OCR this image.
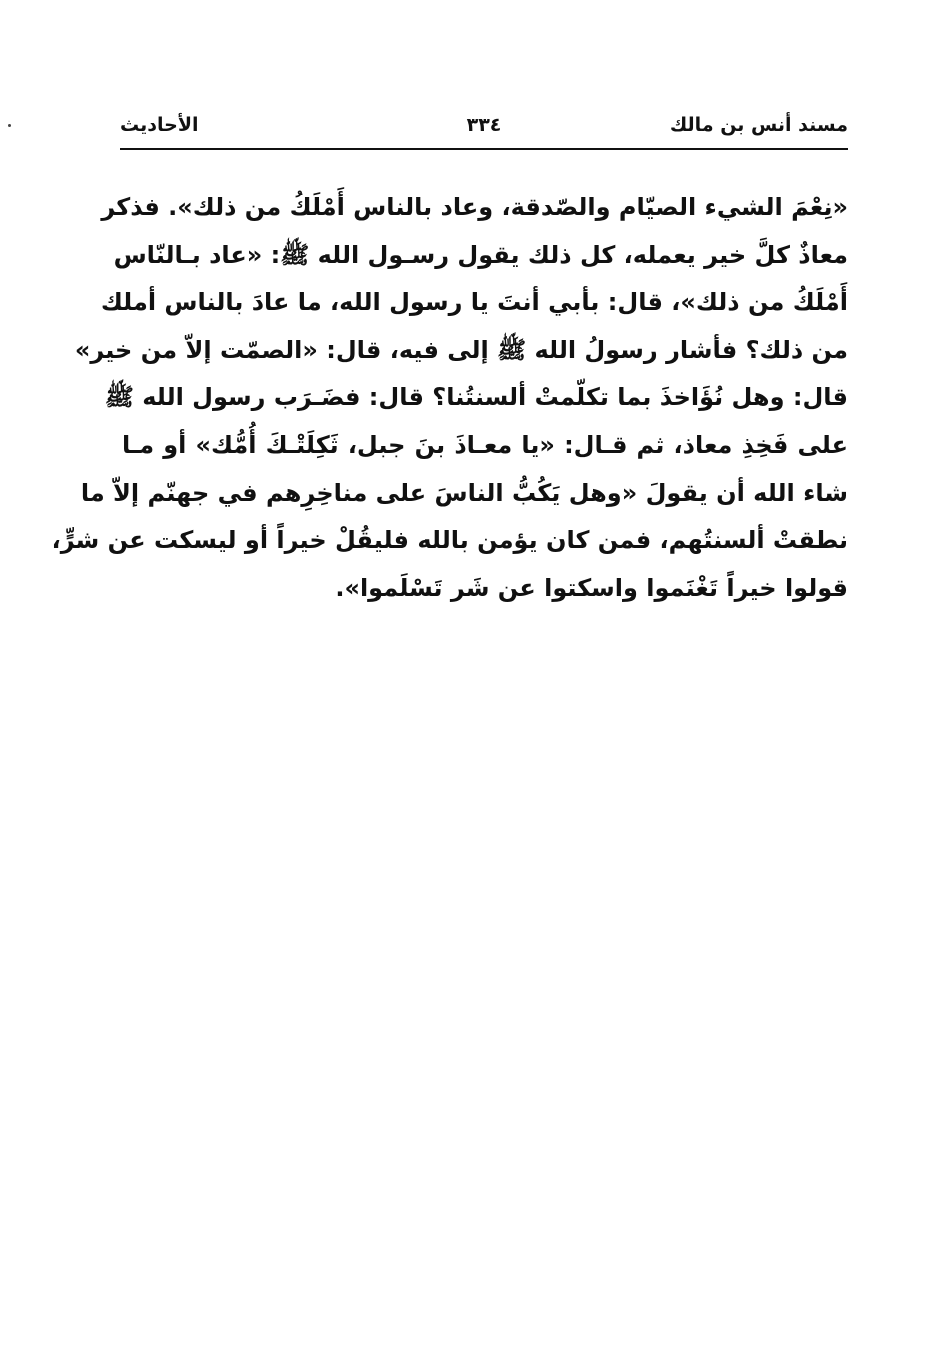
مسند أنس بن مالك
٣٣٤
الأحاديث
«نِعْمَ الشيء الصيّام والصّدقة، وعاد بالناس أَمْلَكُ من ذلك». فذكر
معاذٌ كلَّ خير يعمله، كل ذلك يقول رسـول الله ﷺ: «عاد بـالنّاس
أَمْلَكُ من ذلك»، قال: بأبي أنتَ يا رسول الله، ما عادَ بالناس أملك
من ذلك؟ فأشار رسولُ الله ﷺ إلى فيه، قال: «الصمّت إلاّ من خير»
قال: وهل نُؤَاخذَ بما تكلّمتْ ألسنتُنا؟ قال: فضَـرَب رسول الله ﷺ
على فَخِذِ معاذ، ثم قـال: «يا معـاذَ بنَ جبل، ثَكِلَتْـكَ أُمُّك» أو مـا
شاء الله أن يقولَ «وهل يَكُبُّ الناسَ على مناخِرِهم في جهنّم إلاّ ما
نطقتْ ألسنتُهم، فمن كان يؤمن بالله فليقُلْ خيراً أو ليسكت عن شرٍّ،
قولوا خيراً تَغْنَموا واسكتوا عن شَر تَسْلَموا».
